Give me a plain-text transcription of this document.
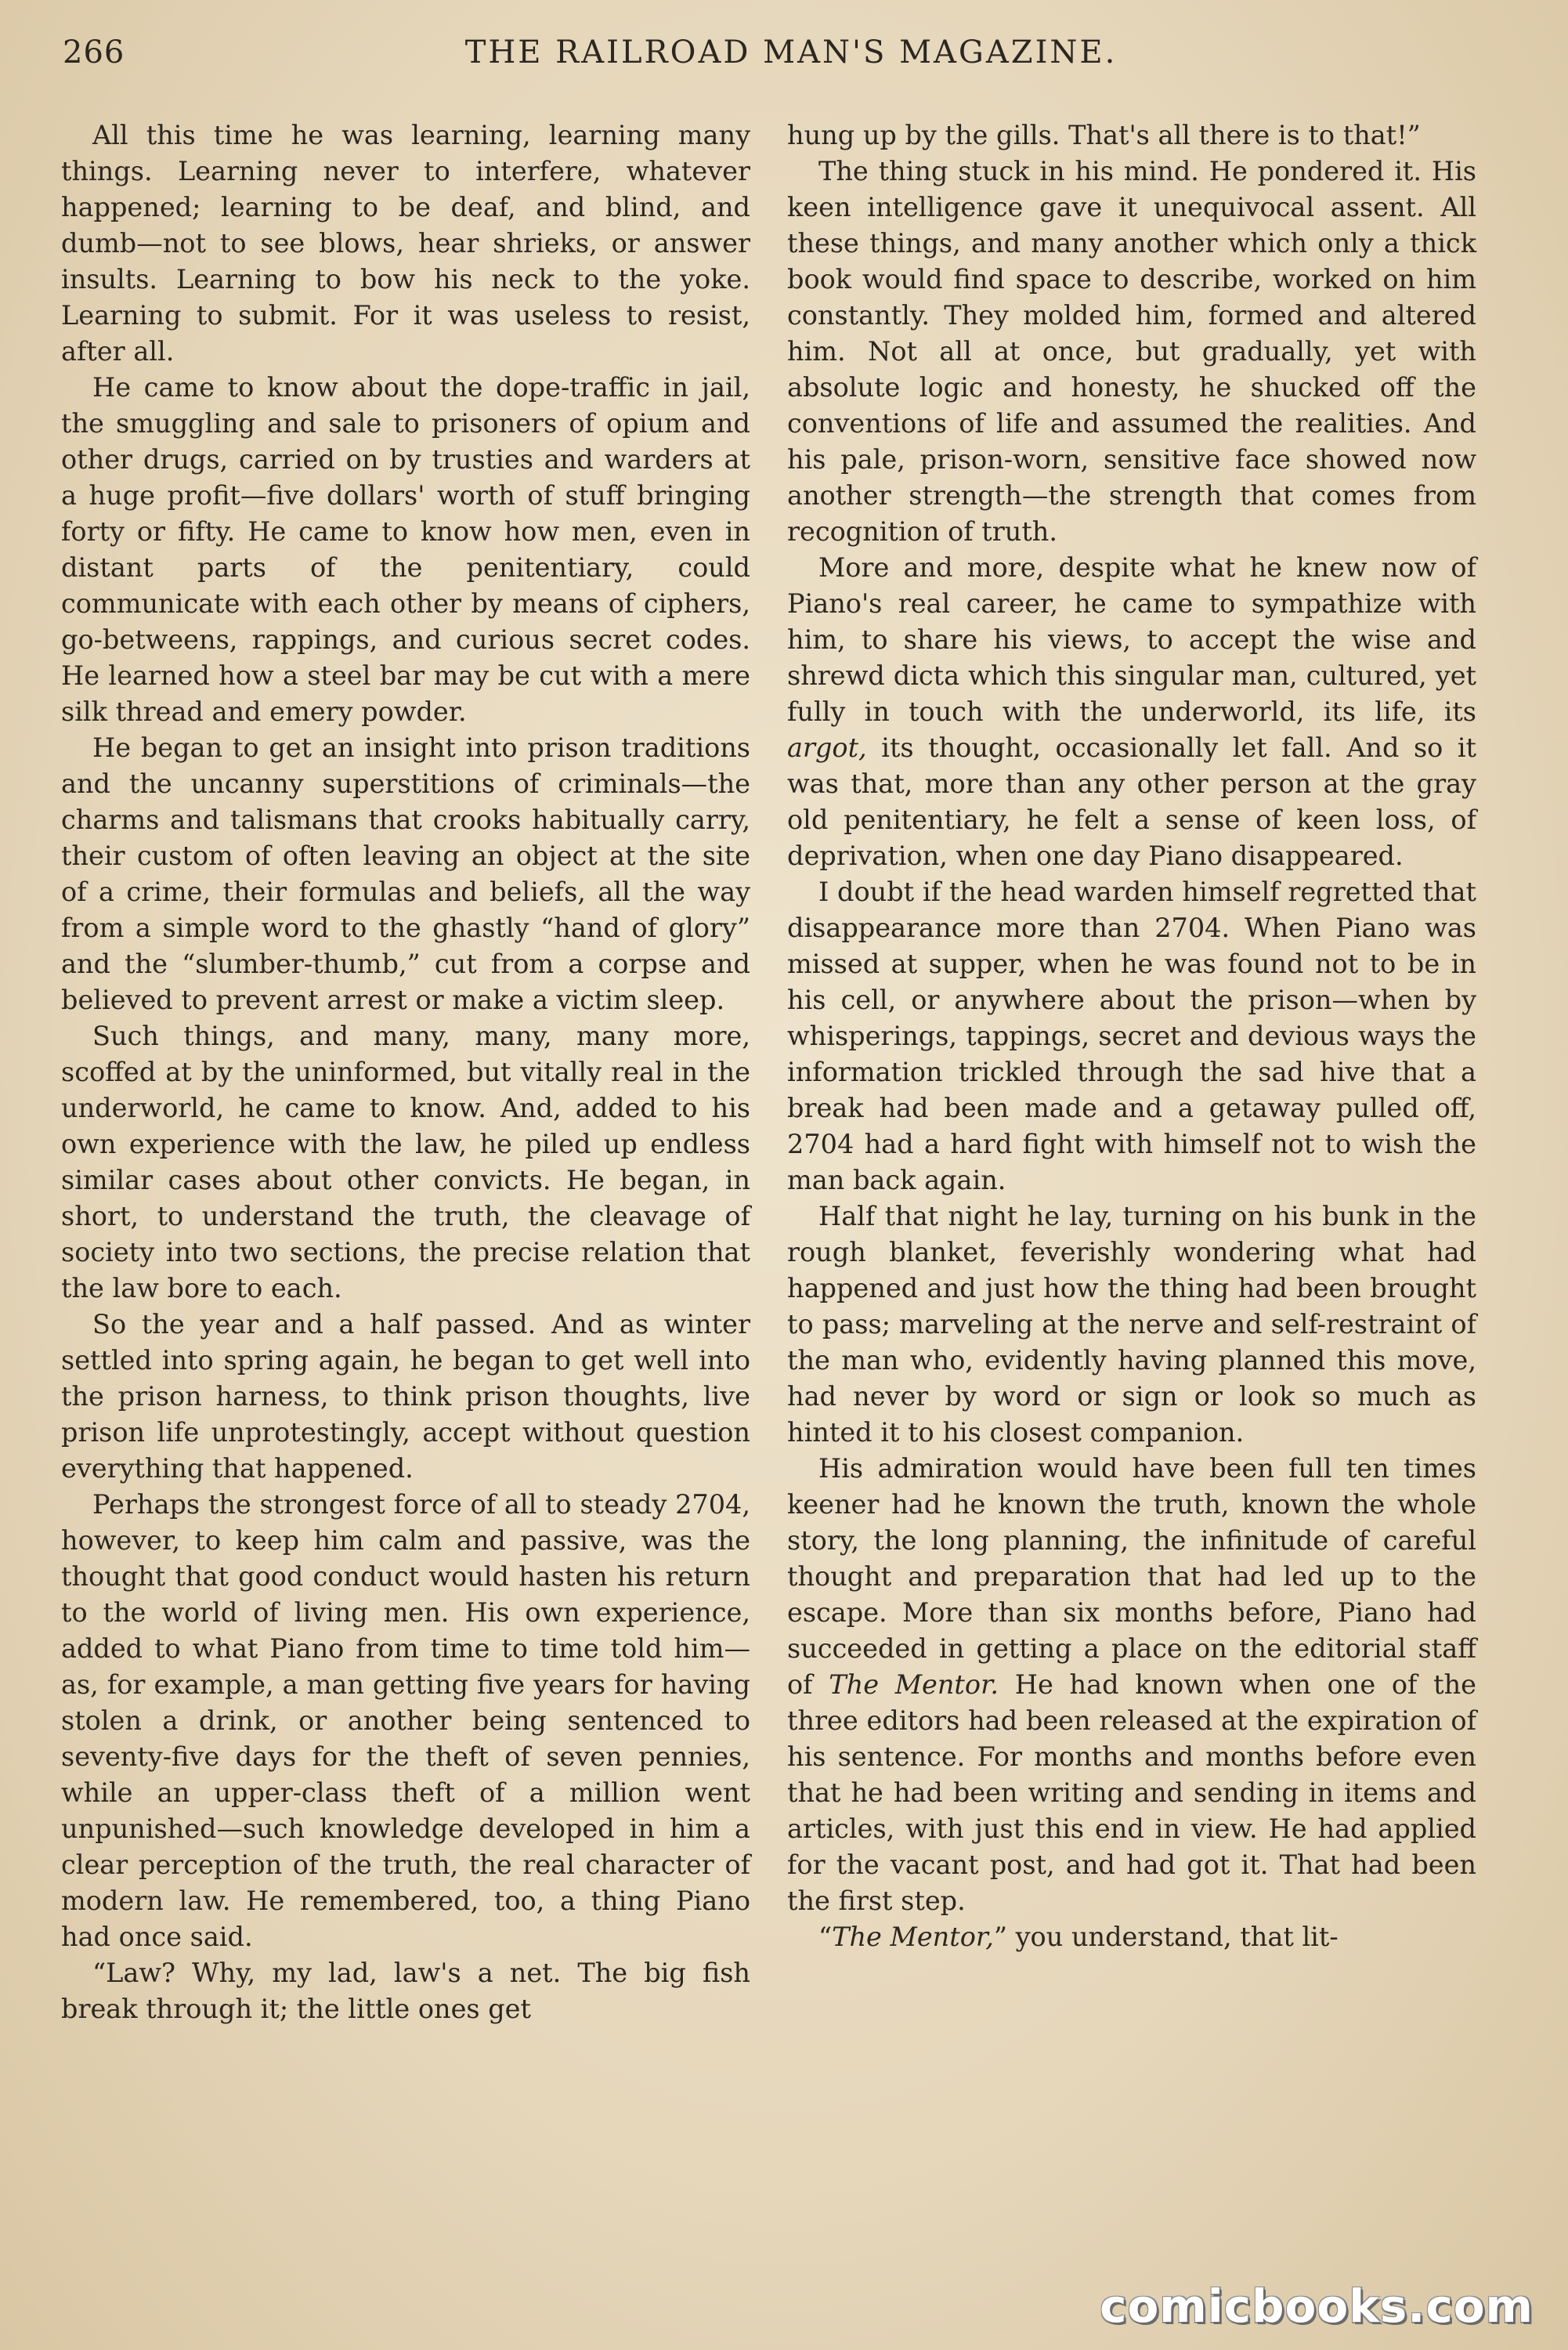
266	THE RAILROAD MAN'S MAGAZINE.

All this time he was learning, learning many things. Learning never to interfere, whatever happened; learning to be deaf, and blind, and dumb—not to see blows, hear shrieks, or answer insults. Learning to bow his neck to the yoke. Learning to submit. For it was useless to resist, after all.

He came to know about the dope-traffic in jail, the smuggling and sale to prisoners of opium and other drugs, carried on by trusties and warders at a huge profit—five dollars' worth of stuff bringing forty or fifty. He came to know how men, even in distant parts of the penitentiary, could communicate with each other by means of ciphers, go-betweens, rappings, and curious secret codes. He learned how a steel bar may be cut with a mere silk thread and emery powder.

He began to get an insight into prison traditions and the uncanny superstitions of criminals—the charms and talismans that crooks habitually carry, their custom of often leaving an object at the site of a crime, their formulas and beliefs, all the way from a simple word to the ghastly “hand of glory” and the “slumber-thumb,” cut from a corpse and believed to prevent arrest or make a victim sleep.

Such things, and many, many, many more, scoffed at by the uninformed, but vitally real in the underworld, he came to know. And, added to his own experience with the law, he piled up endless similar cases about other convicts. He began, in short, to understand the truth, the cleavage of society into two sections, the precise relation that the law bore to each.

So the year and a half passed. And as winter settled into spring again, he began to get well into the prison harness, to think prison thoughts, live prison life unprotestingly, accept without question everything that happened.

Perhaps the strongest force of all to steady 2704, however, to keep him calm and passive, was the thought that good conduct would hasten his return to the world of living men. His own experience, added to what Piano from time to time told him—as, for example, a man getting five years for having stolen a drink, or another being sentenced to seventy-five days for the theft of seven pennies, while an upper-class theft of a million went unpunished—such knowledge developed in him a clear perception of the truth, the real character of modern law. He remembered, too, a thing Piano had once said.

“Law? Why, my lad, law's a net. The big fish break through it; the little ones get

hung up by the gills. That's all there is to that!”

The thing stuck in his mind. He pondered it. His keen intelligence gave it unequivocal assent. All these things, and many another which only a thick book would find space to describe, worked on him constantly. They molded him, formed and altered him. Not all at once, but gradually, yet with absolute logic and honesty, he shucked off the conventions of life and assumed the realities. And his pale, prison-worn, sensitive face showed now another strength—the strength that comes from recognition of truth.

More and more, despite what he knew now of Piano's real career, he came to sympathize with him, to share his views, to accept the wise and shrewd dicta which this singular man, cultured, yet fully in touch with the underworld, its life, its argot, its thought, occasionally let fall. And so it was that, more than any other person at the gray old penitentiary, he felt a sense of keen loss, of deprivation, when one day Piano disappeared.

I doubt if the head warden himself regretted that disappearance more than 2704. When Piano was missed at supper, when he was found not to be in his cell, or anywhere about the prison—when by whisperings, tappings, secret and devious ways the information trickled through the sad hive that a break had been made and a getaway pulled off, 2704 had a hard fight with himself not to wish the man back again.

Half that night he lay, turning on his bunk in the rough blanket, feverishly wondering what had happened and just how the thing had been brought to pass; marveling at the nerve and self-restraint of the man who, evidently having planned this move, had never by word or sign or look so much as hinted it to his closest companion.

His admiration would have been full ten times keener had he known the truth, known the whole story, the long planning, the infinitude of careful thought and preparation that had led up to the escape. More than six months before, Piano had succeeded in getting a place on the editorial staff of The Mentor. He had known when one of the three editors had been released at the expiration of his sentence. For months and months before even that he had been writing and sending in items and articles, with just this end in view. He had applied for the vacant post, and had got it. That had been the first step.

“The Mentor,” you understand, that lit-

comicbooks.com
